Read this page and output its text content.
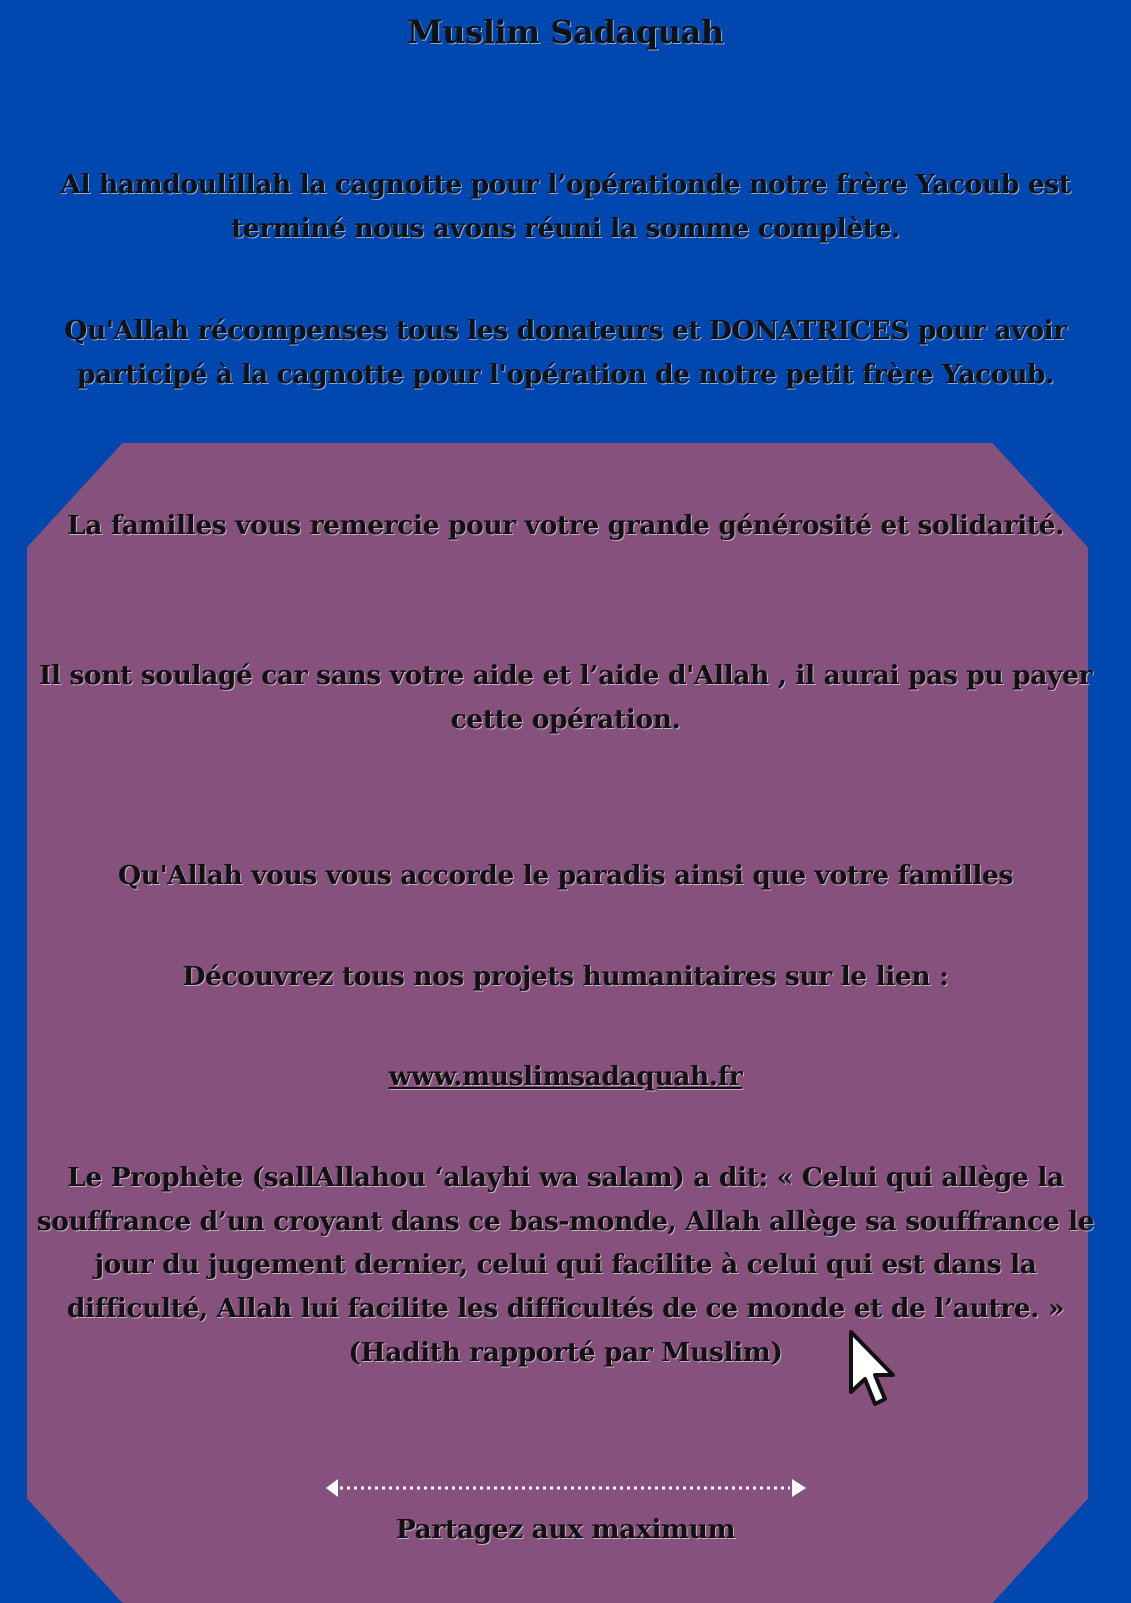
Muslim Sadaquah

Al hamdoulillah la cagnotte pour l’opérationde notre frère Yacoub est terminé nous avons réuni la somme complète.

Qu'Allah récompenses tous les donateurs et DONATRICES pour avoir participé à la cagnotte pour l'opération de notre petit frère Yacoub.

La familles vous remercie pour votre grande générosité et solidarité.

Il sont soulagé car sans votre aide et l’aide d'Allah , il aurai pas pu payer cette opération.

Qu'Allah vous vous accorde le paradis ainsi que votre familles

Découvrez tous nos projets humanitaires sur le lien :

www.muslimsadaquah.fr

Le Prophète (sallAllahou ‘alayhi wa salam) a dit: « Celui qui allège la souffrance d’un croyant dans ce bas-monde, Allah allège sa souffrance le jour du jugement dernier, celui qui facilite à celui qui est dans la difficulté, Allah lui facilite les difficultés de ce monde et de l’autre. » (Hadith rapporté par Muslim)

Partagez aux maximum
